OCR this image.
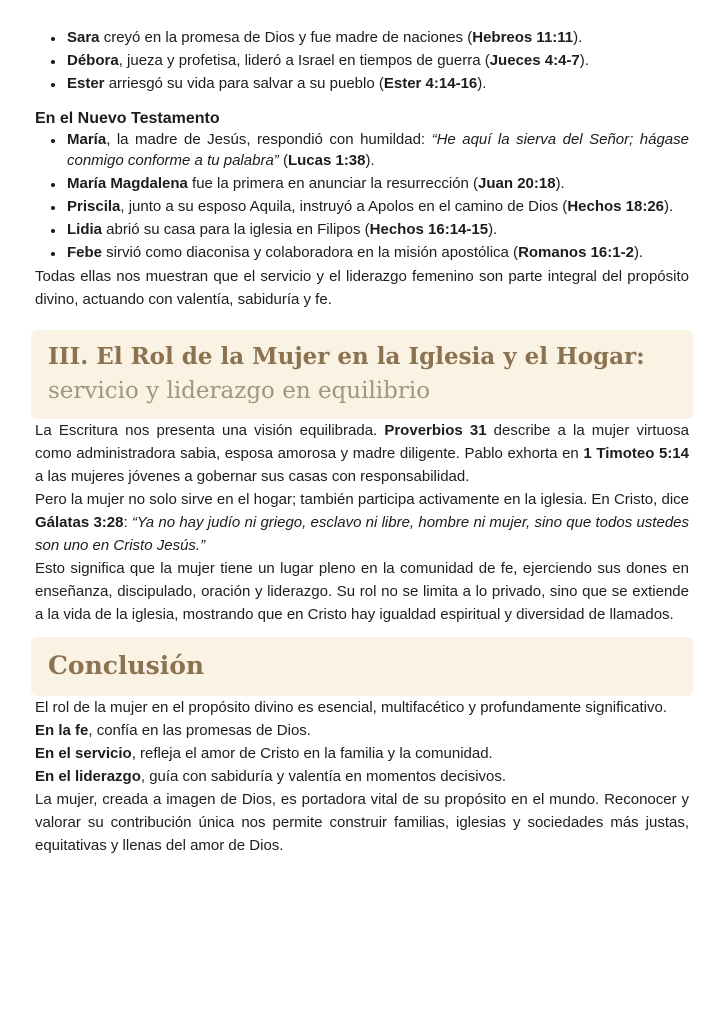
• Sara creyó en la promesa de Dios y fue madre de naciones (Hebreos 11:11).
• Débora, jueza y profetisa, lideró a Israel en tiempos de guerra (Jueces 4:4-7).
• Ester arriesgó su vida para salvar a su pueblo (Ester 4:14-16).
En el Nuevo Testamento
• María, la madre de Jesús, respondió con humildad: “He aquí la sierva del Señor; hágase conmigo conforme a tu palabra” (Lucas 1:38).
• María Magdalena fue la primera en anunciar la resurrección (Juan 20:18).
• Priscila, junto a su esposo Aquila, instruyó a Apolos en el camino de Dios (Hechos 18:26).
• Lidia abrió su casa para la iglesia en Filipos (Hechos 16:14-15).
• Febe sirvió como diaconisa y colaboradora en la misión apostólica (Romanos 16:1-2).

Todas ellas nos muestran que el servicio y el liderazgo femenino son parte integral del propósito divino, actuando con valentía, sabiduría y fe.

III. El Rol de la Mujer en la Iglesia y el Hogar:
servicio y liderazgo en equilibrio

La Escritura nos presenta una visión equilibrada. Proverbios 31 describe a la mujer virtuosa como administradora sabia, esposa amorosa y madre diligente. Pablo exhorta en 1 Timoteo 5:14 a las mujeres jóvenes a gobernar sus casas con responsabilidad.

Pero la mujer no solo sirve en el hogar; también participa activamente en la iglesia. En Cristo, dice Gálatas 3:28: “Ya no hay judío ni griego, esclavo ni libre, hombre ni mujer, sino que todos ustedes son uno en Cristo Jesús.”

Esto significa que la mujer tiene un lugar pleno en la comunidad de fe, ejerciendo sus dones en enseñanza, discipulado, oración y liderazgo. Su rol no se limita a lo privado, sino que se extiende a la vida de la iglesia, mostrando que en Cristo hay igualdad espiritual y diversidad de llamados.

Conclusión

El rol de la mujer en el propósito divino es esencial, multifacético y profundamente significativo.

En la fe, confía en las promesas de Dios.

En el servicio, refleja el amor de Cristo en la familia y la comunidad.

En el liderazgo, guía con sabiduría y valentía en momentos decisivos.

La mujer, creada a imagen de Dios, es portadora vital de su propósito en el mundo. Reconocer y valorar su contribución única nos permite construir familias, iglesias y sociedades más justas, equitativas y llenas del amor de Dios.
